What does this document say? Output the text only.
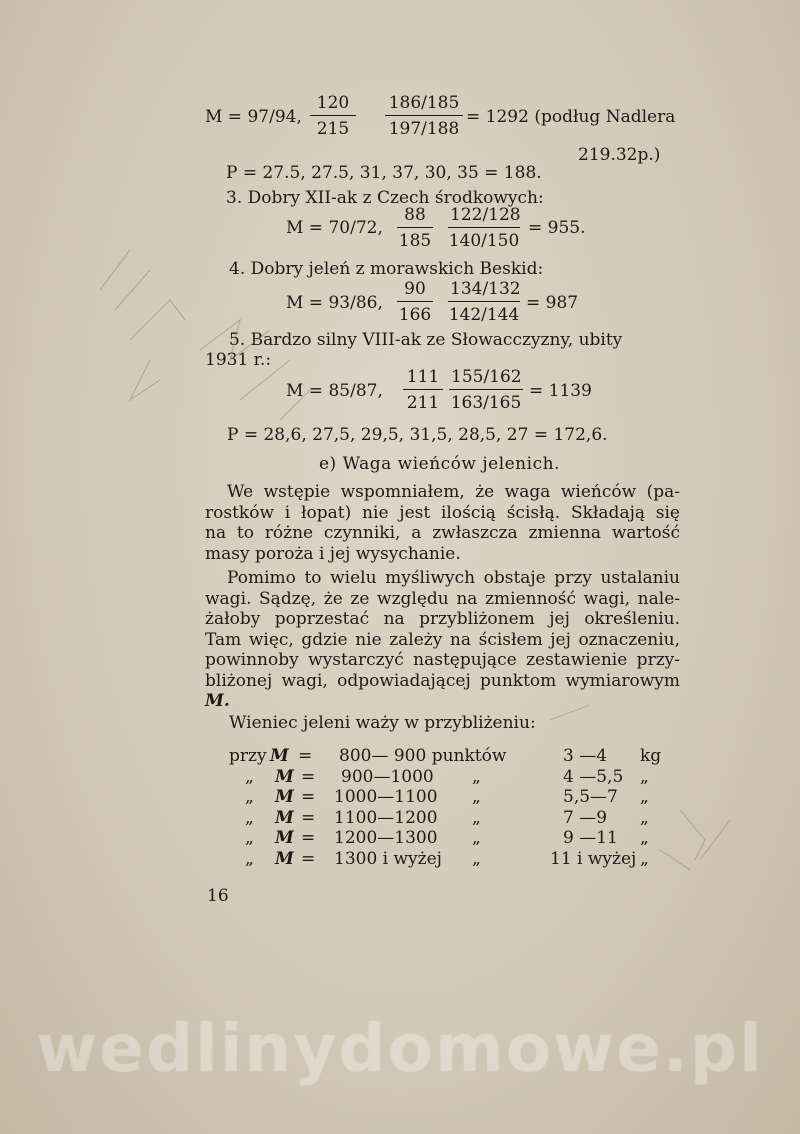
M = 97/94, $\frac{120}{215} \frac{186/185}{197/188} = 1292$ (podług Nadlera
219.32p.)
P = 27.5, 27.5, 31, 37, 30, 35 = 188.
3. Dobry XII-ak z Czech środkowych:
M = 70/72, $\frac{88}{185} \frac{122/128}{140/150} = 955$.
4. Dobry jeleń z morawskich Beskid:
M = 93/86, $\frac{90}{166} \frac{134/132}{142/144} = 987$
5. Bardzo silny VIII-ak ze Słowacczyzny, ubity
1931 r.:
M = 85/87, $\frac{111}{211} \frac{155/162}{163/165} = 1139$
P = 28,6, 27,5, 29,5, 31,5, 28,5, 27 = 172,6.
e) Waga wieńców jelenich.
We wstępie wspomniałem, że waga wieńców (pa-
rostków i łopat) nie jest ilością ścisłą. Składają się
na to różne czynniki, a zwłaszcza zmienna wartość
masy poroża i jej wysychanie.
Pomimo to wielu myśliwych obstaje przy ustalaniu
wagi. Sądzę, że ze względu na zmienność wagi, nale-
żałoby poprzestać na przybliżonem jej określeniu.
Tam więc, gdzie nie zależy na ścisłem jej oznaczeniu,
powinnoby wystarczyć następujące zestawienie przy-
bliżonej wagi, odpowiadającej punktom wymiarowym
M.
Wieniec jeleni waży w przybliżeniu:
przy M = 800— 900 punktów	3 —4 kg
„ M = 900—1000 „	4 —5,5 „
„ M = 1000—1100 „	5,5—7 „
„ M = 1100—1200 „	7 —9 „
„ M = 1200—1300 „	9 —11 „
„ M = 1300 i wyżej „	11 i wyżej „
16
wedlinydomowe.pl
